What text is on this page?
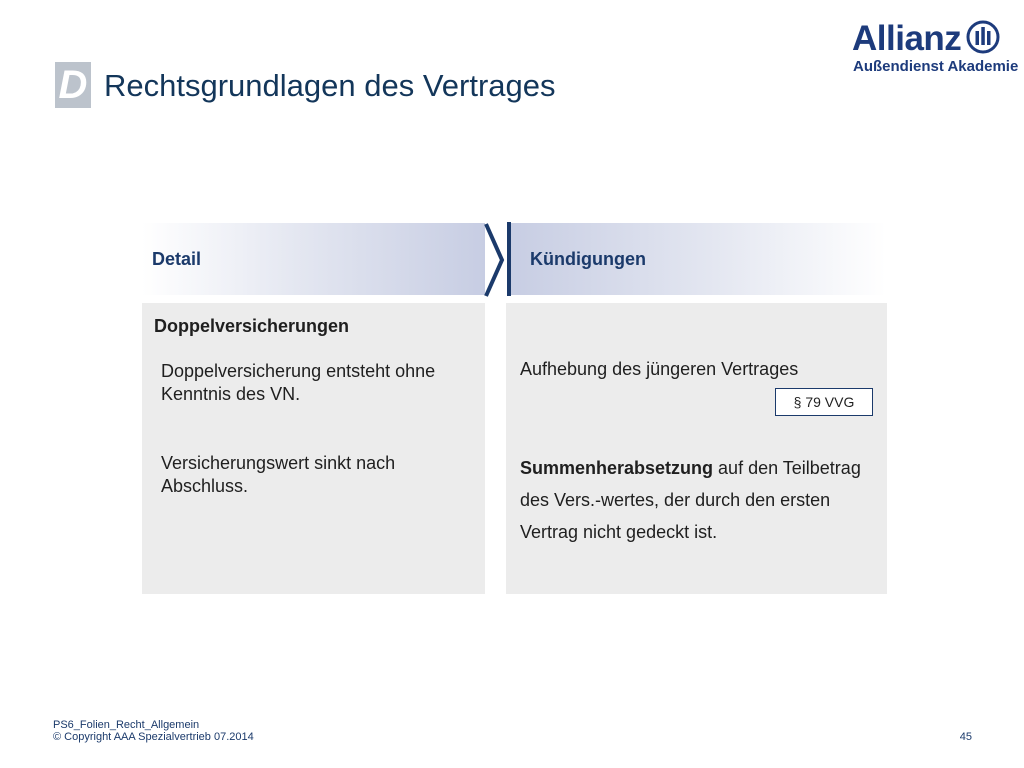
D Rechtsgrundlagen des Vertrages
Allianz
Außendienst Akademie
Detail	Kündigungen
Doppelversicherungen
Doppelversicherung entsteht ohne Kenntnis des VN.
Versicherungswert sinkt nach Abschluss.
Aufhebung des jüngeren Vertrages
§ 79 VVG
Summenherabsetzung auf den Teilbetrag des Vers.-wertes, der durch den ersten Vertrag nicht gedeckt ist.
PS6_Folien_Recht_Allgemein
© Copyright AAA Spezialvertrieb 07.2014	45
